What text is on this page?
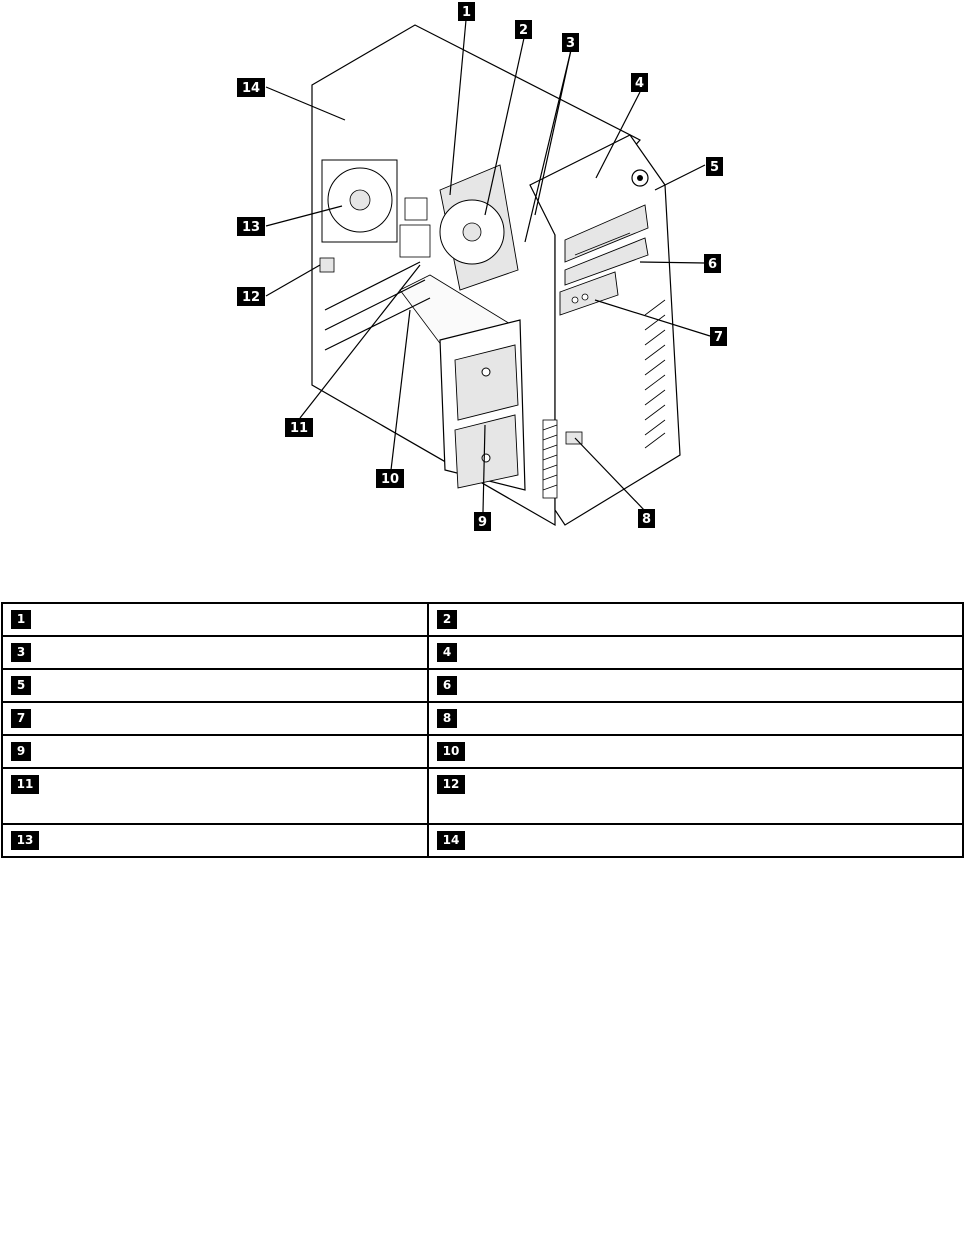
1
2
3
4
5
6
7
8
9
10
11
12
13
14
1	2

3	4

5	6

7	8

9	10

11	12

13	14
